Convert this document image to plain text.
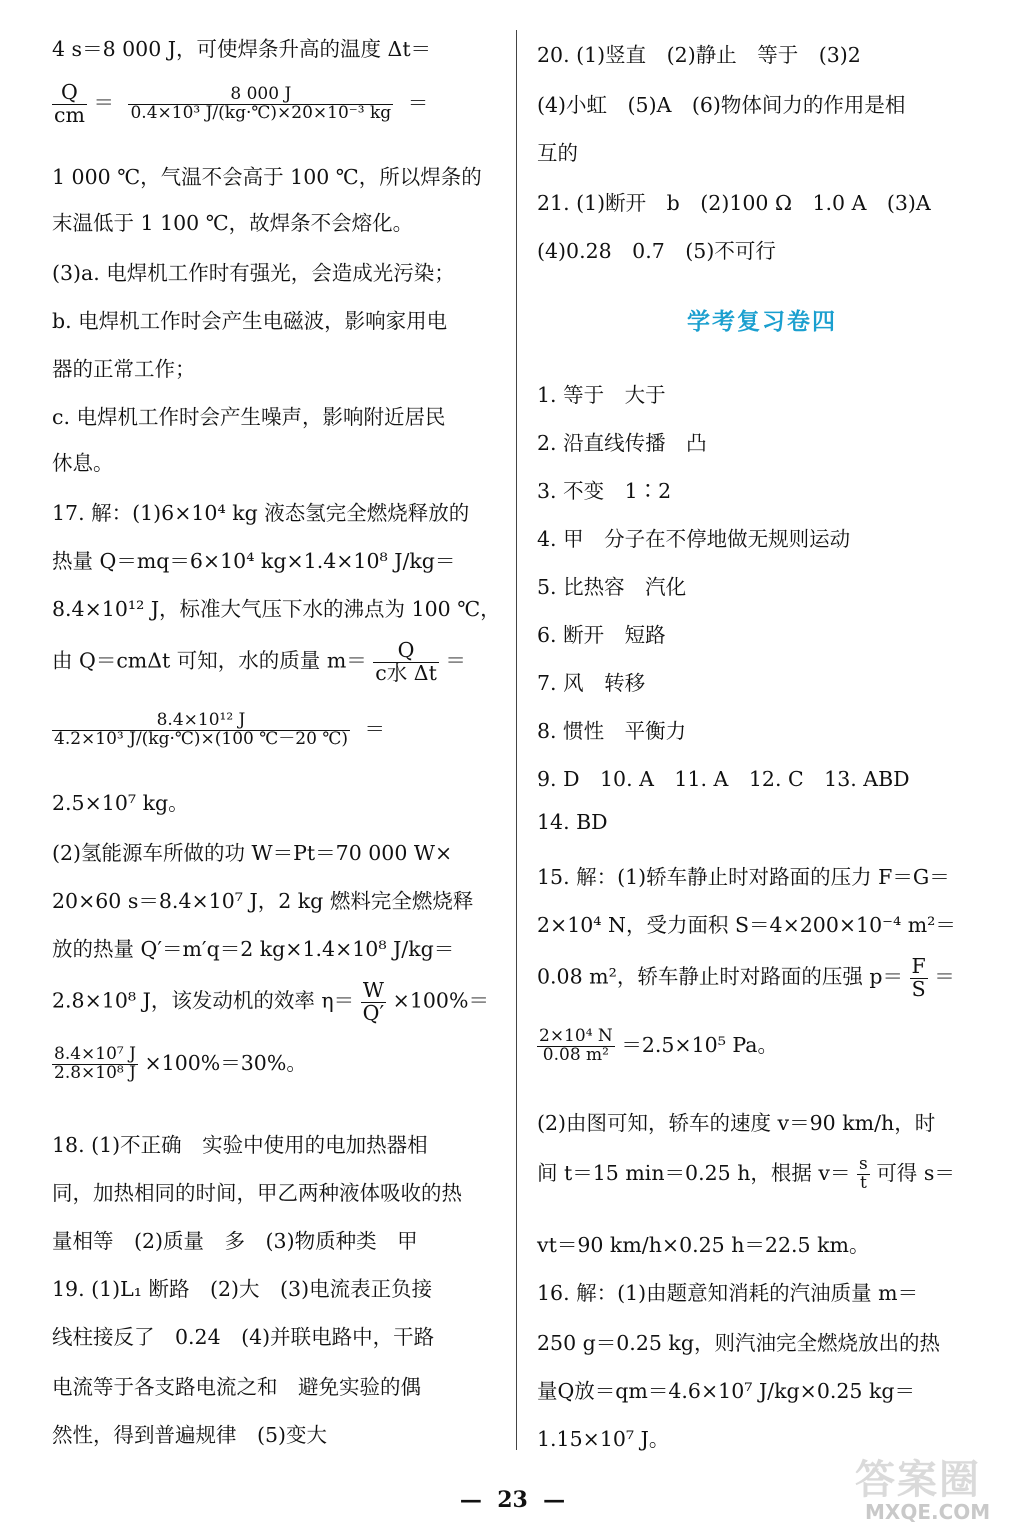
4 s＝8 000 J，可使焊条升高的温度 Δt＝
$\frac{Q}{cm} = \frac{8 000 J}{\text{0.4×10³ J/(kg·℃)×20×10⁻³ kg}}$ ＝
1 000 ℃，气温不会高于 100 ℃，所以焊条的
末温低于 1 100 ℃，故焊条不会熔化。
(3)a. 电焊机工作时有强光，会造成光污染；
b. 电焊机工作时会产生电磁波，影响家用电
器的正常工作；
c. 电焊机工作时会产生噪声，影响附近居民
休息。
17. 解：(1)6×10⁴ kg 液态氢完全燃烧释放的
热量 Q＝mq＝6×10⁴ kg×1.4×10⁸ J/kg＝
8.4×10¹² J，标准大气压下水的沸点为 100 ℃，
由 Q＝cmΔt 可知，水的质量 $m= \frac{Q}{\text{c水 Δt}}$ ＝
$\frac{\text{8.4×10¹² J}}{\text{4.2×10³ J/(kg·℃)×(100 ℃－20 ℃)}}$ ＝
2.5×10⁷ kg。
(2)氢能源车所做的功 W＝Pt＝70 000 W×
20×60 s＝8.4×10⁷ J，2 kg 燃料完全燃烧释
放的热量 Q′＝m′q＝2 kg×1.4×10⁸ J/kg＝
2.8×10⁸ J，该发动机的效率 $\eta= \frac{W}{Q'} \times 100\%=$
$\frac{\text{8.4×10⁷ J}}{\text{2.8×10⁸ J}} \times 100\%=30\%$。
18. (1)不正确　实验中使用的电加热器相
同，加热相同的时间，甲乙两种液体吸收的热
量相等　(2)质量　多　(3)物质种类　甲
19. (1)L₁ 断路　(2)大　(3)电流表正负接
线柱接反了　0.24　(4)并联电路中，干路
电流等于各支路电流之和　避免实验的偶
然性，得到普遍规律　(5)变大
20. (1)竖直　(2)静止　等于　(3)2
(4)小虹　(5)A　(6)物体间力的作用是相
互的
21. (1)断开　b　(2)100 Ω　1.0 A　(3)A
(4)0.28　0.7　(5)不可行
学考复习卷四
1. 等于　大于
2. 沿直线传播　凸
3. 不变　1∶2
4. 甲　分子在不停地做无规则运动
5. 比热容　汽化
6. 断开　短路
7. 风　转移
8. 惯性　平衡力
9. D　10. A　11. A　12. C　13. ABD
14. BD
15. 解：(1)轿车静止时对路面的压力 F＝G＝
2×10⁴ N，受力面积 S＝4×200×10⁻⁴ m²＝
0.08 m²，轿车静止时对路面的压强 $p= \frac{F}{S}$ ＝
$\frac{\text{2×10⁴ N}}{\text{0.08 m²}} =2.5\times 10^5$ Pa。
(2)由图可知，轿车的速度 v＝90 km/h，时
间 t＝15 min＝0.25 h，根据 $v= \frac{s}{t}$ 可得 s＝
vt＝90 km/h×0.25 h＝22.5 km。
16. 解：(1)由题意知消耗的汽油质量 m＝
250 g＝0.25 kg，则汽油完全燃烧放出的热
量Q放＝qm＝4.6×10⁷ J/kg×0.25 kg＝
1.15×10⁷ J。
—  23  —	答案圈
MXQE.COM
